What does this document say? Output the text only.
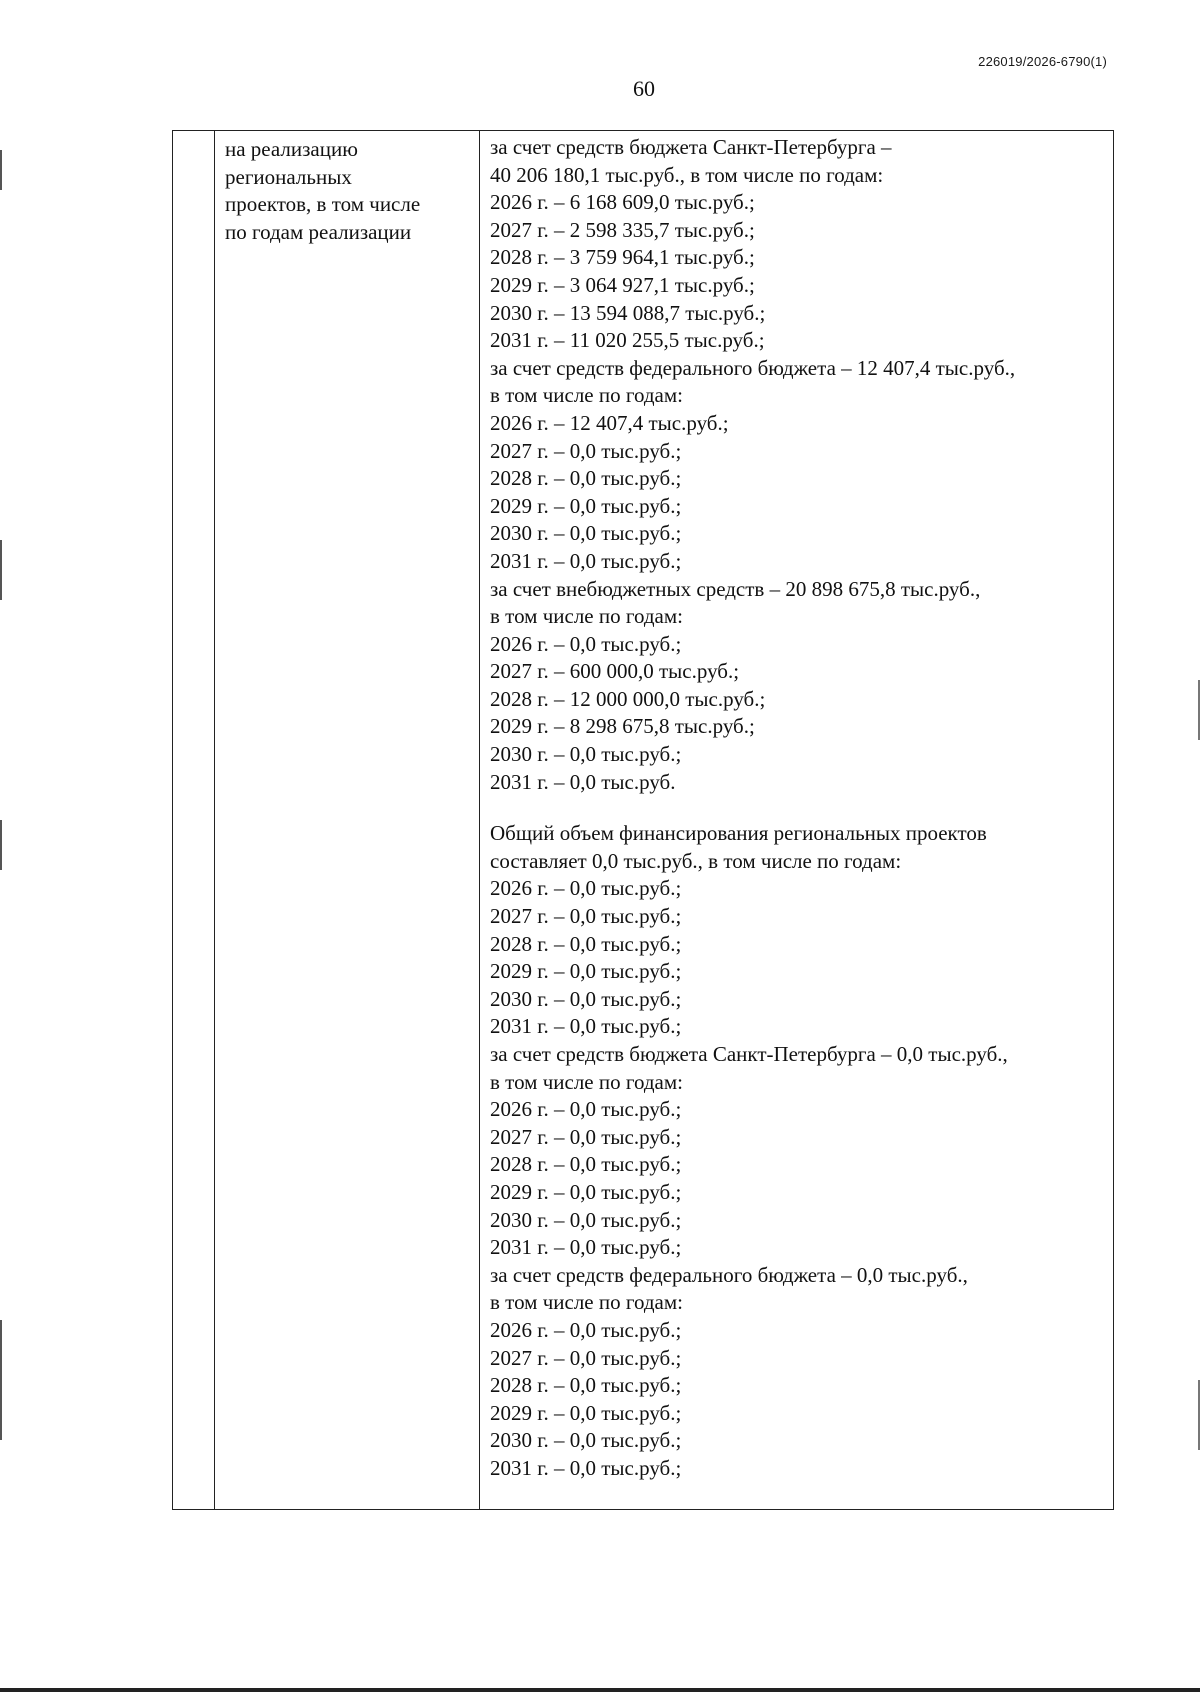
226019/2026-6790(1)
60
на реализацию
региональных
проектов, в том числе
по годам реализации
за счет средств бюджета Санкт-Петербурга –
40 206 180,1 тыс.руб., в том числе по годам:
2026 г. – 6 168 609,0 тыс.руб.;
2027 г. – 2 598 335,7 тыс.руб.;
2028 г. – 3 759 964,1 тыс.руб.;
2029 г. – 3 064 927,1 тыс.руб.;
2030 г. – 13 594 088,7 тыс.руб.;
2031 г. – 11 020 255,5 тыс.руб.;
за счет средств федерального бюджета – 12 407,4 тыс.руб.,
в том числе по годам:
2026 г. – 12 407,4 тыс.руб.;
2027 г. – 0,0 тыс.руб.;
2028 г. – 0,0 тыс.руб.;
2029 г. – 0,0 тыс.руб.;
2030 г. – 0,0 тыс.руб.;
2031 г. – 0,0 тыс.руб.;
за счет внебюджетных средств – 20 898 675,8 тыс.руб.,
в том числе по годам:
2026 г. – 0,0 тыс.руб.;
2027 г. – 600 000,0 тыс.руб.;
2028 г. – 12 000 000,0 тыс.руб.;
2029 г. – 8 298 675,8 тыс.руб.;
2030 г. – 0,0 тыс.руб.;
2031 г. – 0,0 тыс.руб.
Общий объем финансирования региональных проектов
составляет 0,0 тыс.руб., в том числе по годам:
2026 г. – 0,0 тыс.руб.;
2027 г. – 0,0 тыс.руб.;
2028 г. – 0,0 тыс.руб.;
2029 г. – 0,0 тыс.руб.;
2030 г. – 0,0 тыс.руб.;
2031 г. – 0,0 тыс.руб.;
за счет средств бюджета Санкт-Петербурга – 0,0 тыс.руб.,
в том числе по годам:
2026 г. – 0,0 тыс.руб.;
2027 г. – 0,0 тыс.руб.;
2028 г. – 0,0 тыс.руб.;
2029 г. – 0,0 тыс.руб.;
2030 г. – 0,0 тыс.руб.;
2031 г. – 0,0 тыс.руб.;
за счет средств федерального бюджета – 0,0 тыс.руб.,
в том числе по годам:
2026 г. – 0,0 тыс.руб.;
2027 г. – 0,0 тыс.руб.;
2028 г. – 0,0 тыс.руб.;
2029 г. – 0,0 тыс.руб.;
2030 г. – 0,0 тыс.руб.;
2031 г. – 0,0 тыс.руб.;
